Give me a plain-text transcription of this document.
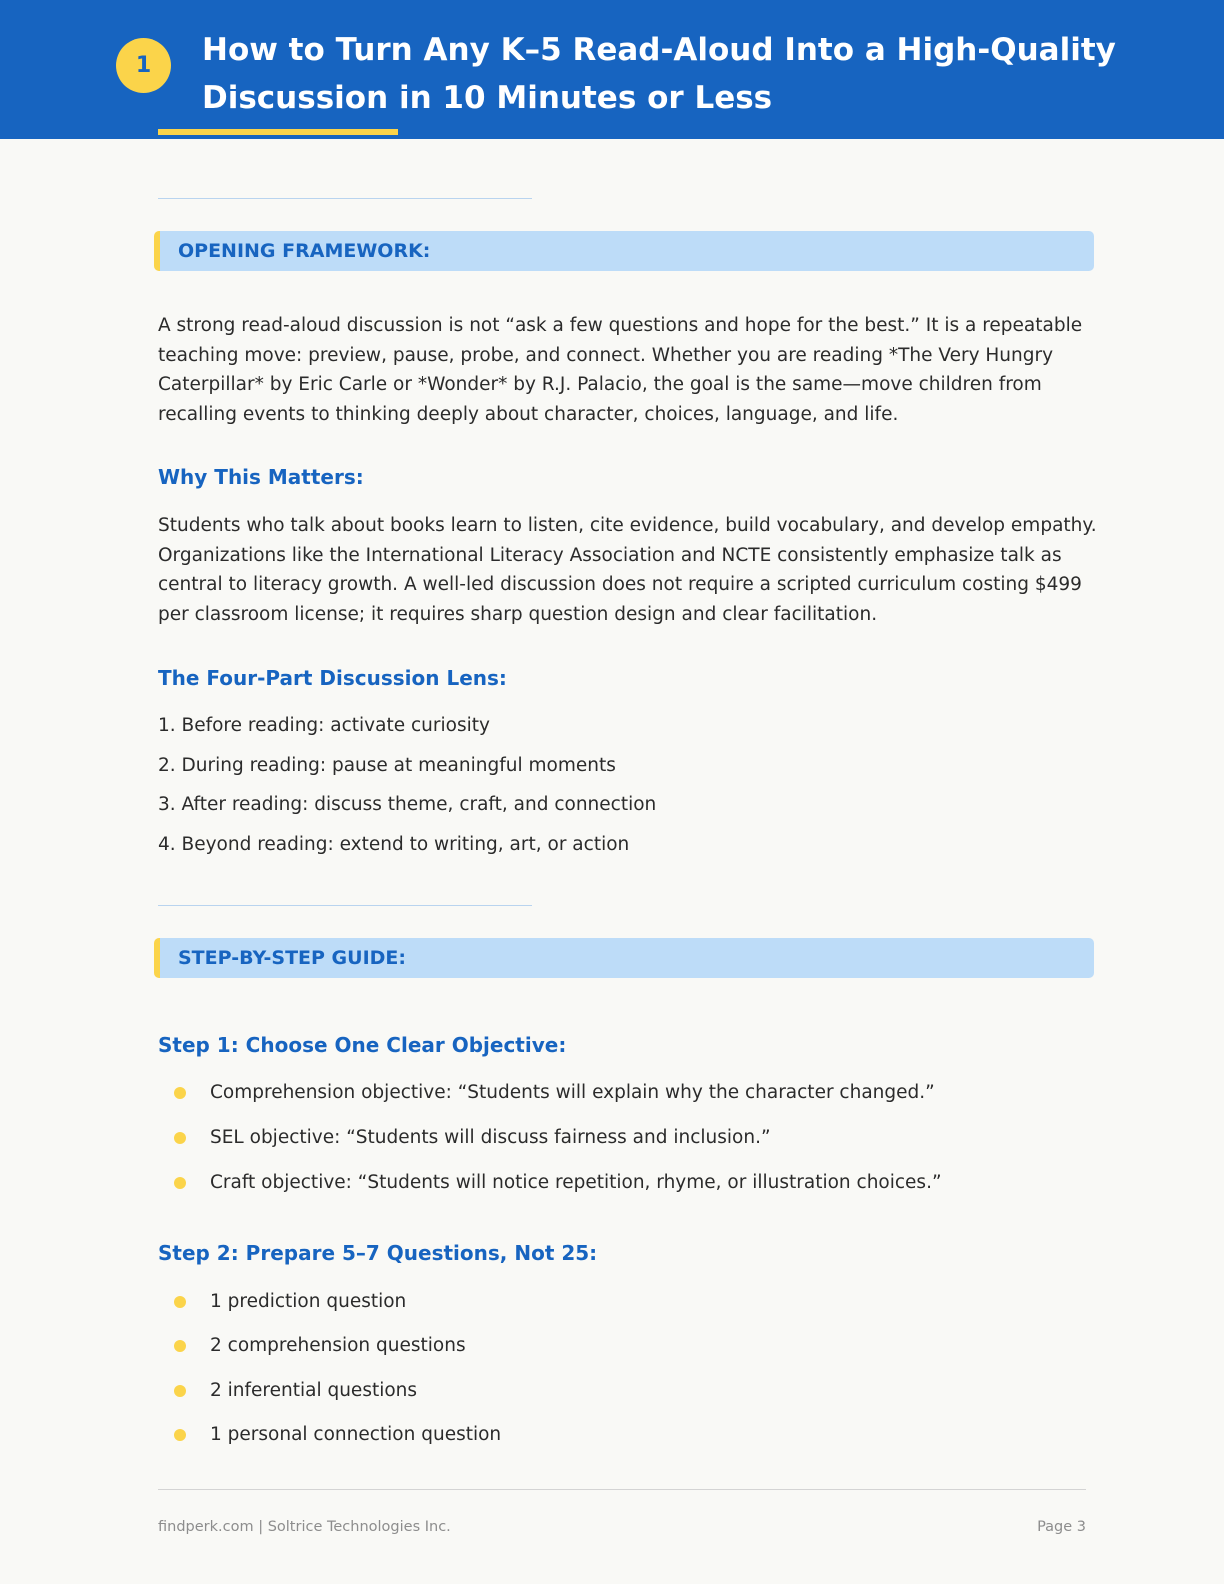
1	How to Turn Any K–5 Read-Aloud Into a High-Quality Discussion in 10 Minutes or Less
OPENING FRAMEWORK:

A strong read-aloud discussion is not “ask a few questions and hope for the best.” It is a repeatable teaching move: preview, pause, probe, and connect. Whether you are reading *The Very Hungry Caterpillar* by Eric Carle or *Wonder* by R.J. Palacio, the goal is the same—move children from recalling events to thinking deeply about character, choices, language, and life.

Why This Matters:

Students who talk about books learn to listen, cite evidence, build vocabulary, and develop empathy. Organizations like the International Literacy Association and NCTE consistently emphasize talk as central to literacy growth. A well-led discussion does not require a scripted curriculum costing $499 per classroom license; it requires sharp question design and clear facilitation.

The Four-Part Discussion Lens:
1. Before reading: activate curiosity
2. During reading: pause at meaningful moments
3. After reading: discuss theme, craft, and connection
4. Beyond reading: extend to writing, art, or action
STEP-BY-STEP GUIDE:
Step 1: Choose One Clear Objective:
Comprehension objective: “Students will explain why the character changed.”
SEL objective: “Students will discuss fairness and inclusion.”
Craft objective: “Students will notice repetition, rhyme, or illustration choices.”
Step 2: Prepare 5–7 Questions, Not 25:
1 prediction question
2 comprehension questions
2 inferential questions
1 personal connection question
findperk.com | Soltrice Technologies Inc.	Page 3
